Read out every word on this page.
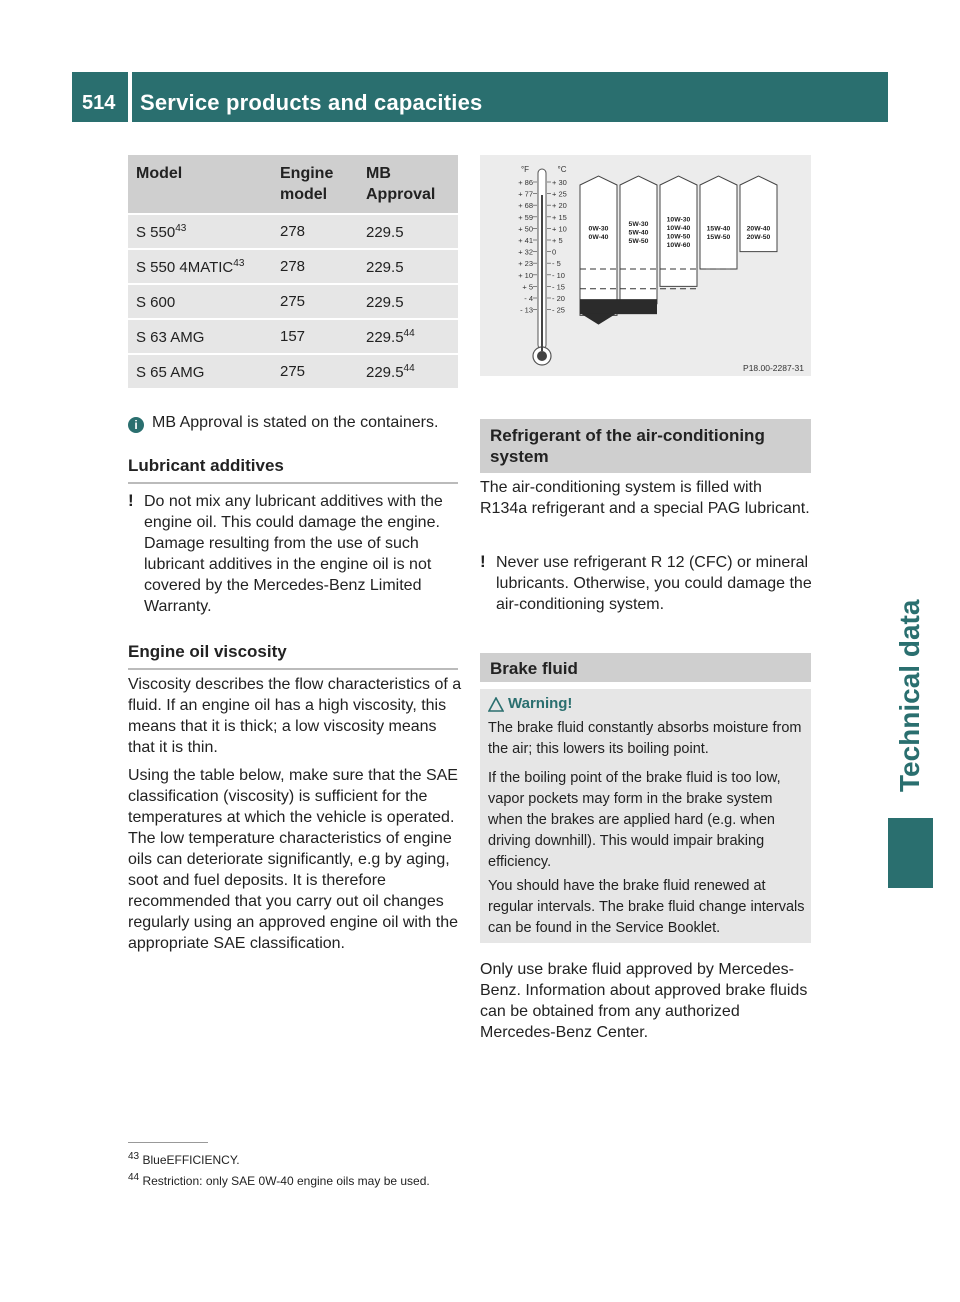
514 Service products and capacities
Technical data
Model	Engine model	MB Approval
S $550^{43}$	278	229.5
S 550 4MATIC$^{43}$	278	229.5
S 600	275	229.5
S 63 AMG	157	229.5$^{44}$
S 65 AMG	275	229.5$^{44}$
i MB Approval is stated on the containers.
Lubricant additives
! Do not mix any lubricant additives with the engine oil. This could damage the engine. Damage resulting from the use of such lubricant additives in the engine oil is not covered by the Mercedes-Benz Limited Warranty.
Engine oil viscosity
Viscosity describes the flow characteristics of a fluid. If an engine oil has a high viscosity, this means that it is thick; a low viscosity means that it is thin.
Using the table below, make sure that the SAE classification (viscosity) is sufficient for the temperatures at which the vehicle is operated. The low temperature characteristics of engine oils can deteriorate significantly, e.g by aging, soot and fuel deposits. It is therefore recommended that you carry out oil changes regularly using an approved engine oil with the appropriate SAE classification.
°F	°C
+ 86
+ 77
+ 68
+ 59
+ 50
+ 41
+ 32
+ 23
+ 10
+ 5
- 4
- 13
+ 30
+ 25
+ 20
+ 15
+ 10
+ 5
0
- 5
- 10
- 15
- 20
- 25
0W-30
0W-40
5W-30
5W-40
5W-50
10W-30
10W-40
10W-50
10W-60
15W-40
15W-50
20W-40
20W-50
P18.00-2287-31
Refrigerant of the air-conditioning system
The air-conditioning system is filled with R134a refrigerant and a special PAG lubricant.
! Never use refrigerant R 12 (CFC) or mineral lubricants. Otherwise, you could damage the air-conditioning system.
Brake fluid
Warning!

The brake fluid constantly absorbs moisture from the air; this lowers its boiling point.

If the boiling point of the brake fluid is too low, vapor pockets may form in the brake system when the brakes are applied hard (e.g. when driving downhill). This would impair braking efficiency.

You should have the brake fluid renewed at regular intervals. The brake fluid change intervals can be found in the Service Booklet.

Only use brake fluid approved by Mercedes-Benz. Information about approved brake fluids can be obtained from any authorized Mercedes-Benz Center.
$^{43}$ BlueEFFICIENCY.
$^{44}$ Restriction: only SAE 0W-40 engine oils may be used.
